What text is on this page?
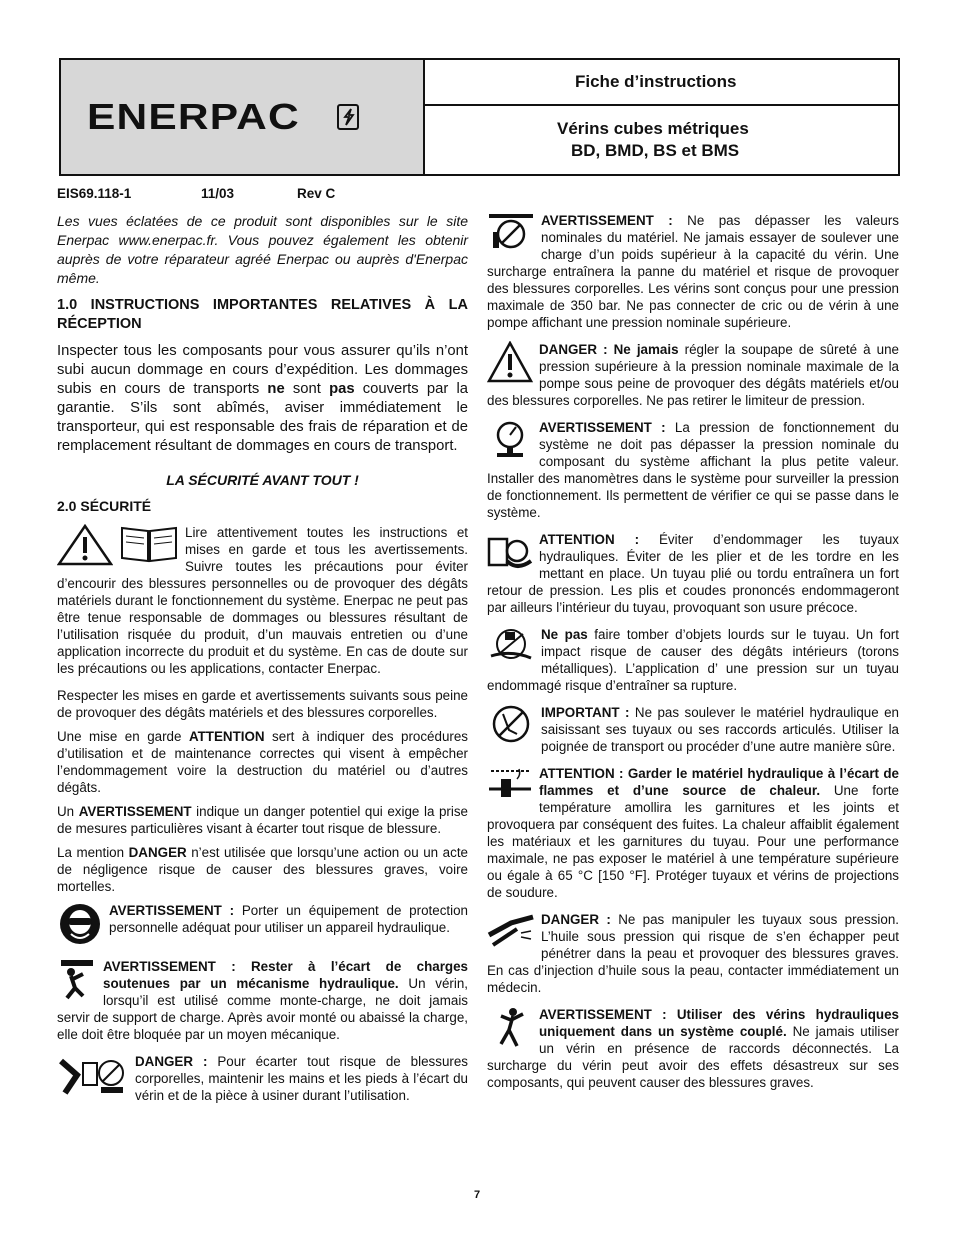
ENERPAC
Fiche d’instructions
Vérins cubes métriques
BD, BMD, BS et BMS
EIS69.118-1	11/03	Rev C

Les vues éclatées de ce produit sont disponibles sur le site Enerpac www.enerpac.fr. Vous pouvez également les obtenir auprès de votre réparateur agréé Enerpac ou auprès d'Enerpac même.

1.0 INSTRUCTIONS IMPORTANTES RELATIVES À LA RÉCEPTION

Inspecter tous les composants pour vous assurer qu’ils n’ont subi aucun dommage en cours d’expédition. Les dommages subis en cours de transports ne sont pas couverts par la garantie. S’ils sont abîmés, aviser immédiatement le transporteur, qui est responsable des frais de réparation et de remplacement résultant de dommages en cours de transport.

LA SÉCURITÉ AVANT TOUT !

2.0 SÉCURITÉ

Lire attentivement toutes les instructions et mises en garde et tous les avertissements. Suivre toutes les précautions pour éviter d’encourir des blessures personnelles ou de provoquer des dégâts matériels durant le fonctionnement du système. Enerpac ne peut pas être tenue responsable de dommages ou blessures résultant de l’utilisation risquée du produit, d’un mauvais entretien ou d’une application incorrecte du produit et du système. En cas de doute sur les précautions ou les applications, contacter Enerpac.

Respecter les mises en garde et avertissements suivants sous peine de provoquer des dégâts matériels et des blessures corporelles.

Une mise en garde ATTENTION sert à indiquer des procédures d’utilisation et de maintenance correctes qui visent à empêcher l’endommagement voire la destruction du matériel ou d’autres dégâts.

Un AVERTISSEMENT indique un danger potentiel qui exige la prise de mesures particulières visant à écarter tout risque de blessure.

La mention DANGER n’est utilisée que lorsqu’une action ou un acte de négligence risque de causer des blessures graves, voire mortelles.

AVERTISSEMENT : Porter un équipement de protection personnelle adéquat pour utiliser un appareil hydraulique.
AVERTISSEMENT : Rester à l’écart de charges soutenues par un mécanisme hydraulique. Un vérin, lorsqu’il est utilisé comme monte-charge, ne doit jamais servir de support de charge. Après avoir monté ou abaissé la charge, elle doit être bloquée par un moyen mécanique.
DANGER : Pour écarter tout risque de blessures corporelles, maintenir les mains et les pieds à l’écart du vérin et de la pièce à usiner durant l’utilisation.
AVERTISSEMENT : Ne pas dépasser les valeurs nominales du matériel. Ne jamais essayer de soulever une charge d’un poids supérieur à la capacité du vérin. Une surcharge entraînera la panne du matériel et risque de provoquer des blessures corporelles. Les vérins sont conçus pour une pression maximale de 350 bar. Ne pas connecter de cric ou de vérin à une pompe affichant une pression nominale supérieure.
DANGER : Ne jamais régler la soupape de sûreté à une pression supérieure à la pression nominale maximale de la pompe sous peine de provoquer des dégâts matériels et/ou des blessures corporelles. Ne pas retirer le limiteur de pression.
AVERTISSEMENT : La pression de fonctionnement du système ne doit pas dépasser la pression nominale du composant du système affichant la plus petite valeur. Installer des manomètres dans le système pour surveiller la pression de fonctionnement. Ils permettent de vérifier ce qui se passe dans le système.
ATTENTION : Éviter d’endommager les tuyaux hydrauliques. Éviter de les plier et de les tordre en les mettant en place. Un tuyau plié ou tordu entraînera un fort retour de pression. Les plis et coudes prononcés endommageront par ailleurs l’intérieur du tuyau, provoquant son usure précoce.
Ne pas faire tomber d’objets lourds sur le tuyau. Un fort impact risque de causer des dégâts intérieurs (torons métalliques). L’application d’ une pression sur un tuyau endommagé risque d’entraîner sa rupture.
IMPORTANT : Ne pas soulever le matériel hydraulique en saisissant ses tuyaux ou ses raccords articulés. Utiliser la poignée de transport ou procéder d’une autre manière sûre.
ATTENTION : Garder le matériel hydraulique à l’écart de flammes et d’une source de chaleur. Une forte température amollira les garnitures et les joints et provoquera par conséquent des fuites. La chaleur affaiblit également les matériaux et les garnitures du tuyau. Pour une performance maximale, ne pas exposer le matériel à une température supérieure ou égale à 65 °C [150 °F]. Protéger tuyaux et vérins de projections de soudure.
DANGER : Ne pas manipuler les tuyaux sous pression. L’huile sous pression qui risque de s’en échapper peut pénétrer dans la peau et provoquer des blessures graves. En cas d’injection d’huile sous la peau, contacter immédiatement un médecin.
AVERTISSEMENT : Utiliser des vérins hydrauliques uniquement dans un système couplé. Ne jamais utiliser un vérin en présence de raccords déconnectés. La surcharge du vérin peut avoir des effets désastreux sur ses composants, qui peuvent causer des blessures graves.
7
